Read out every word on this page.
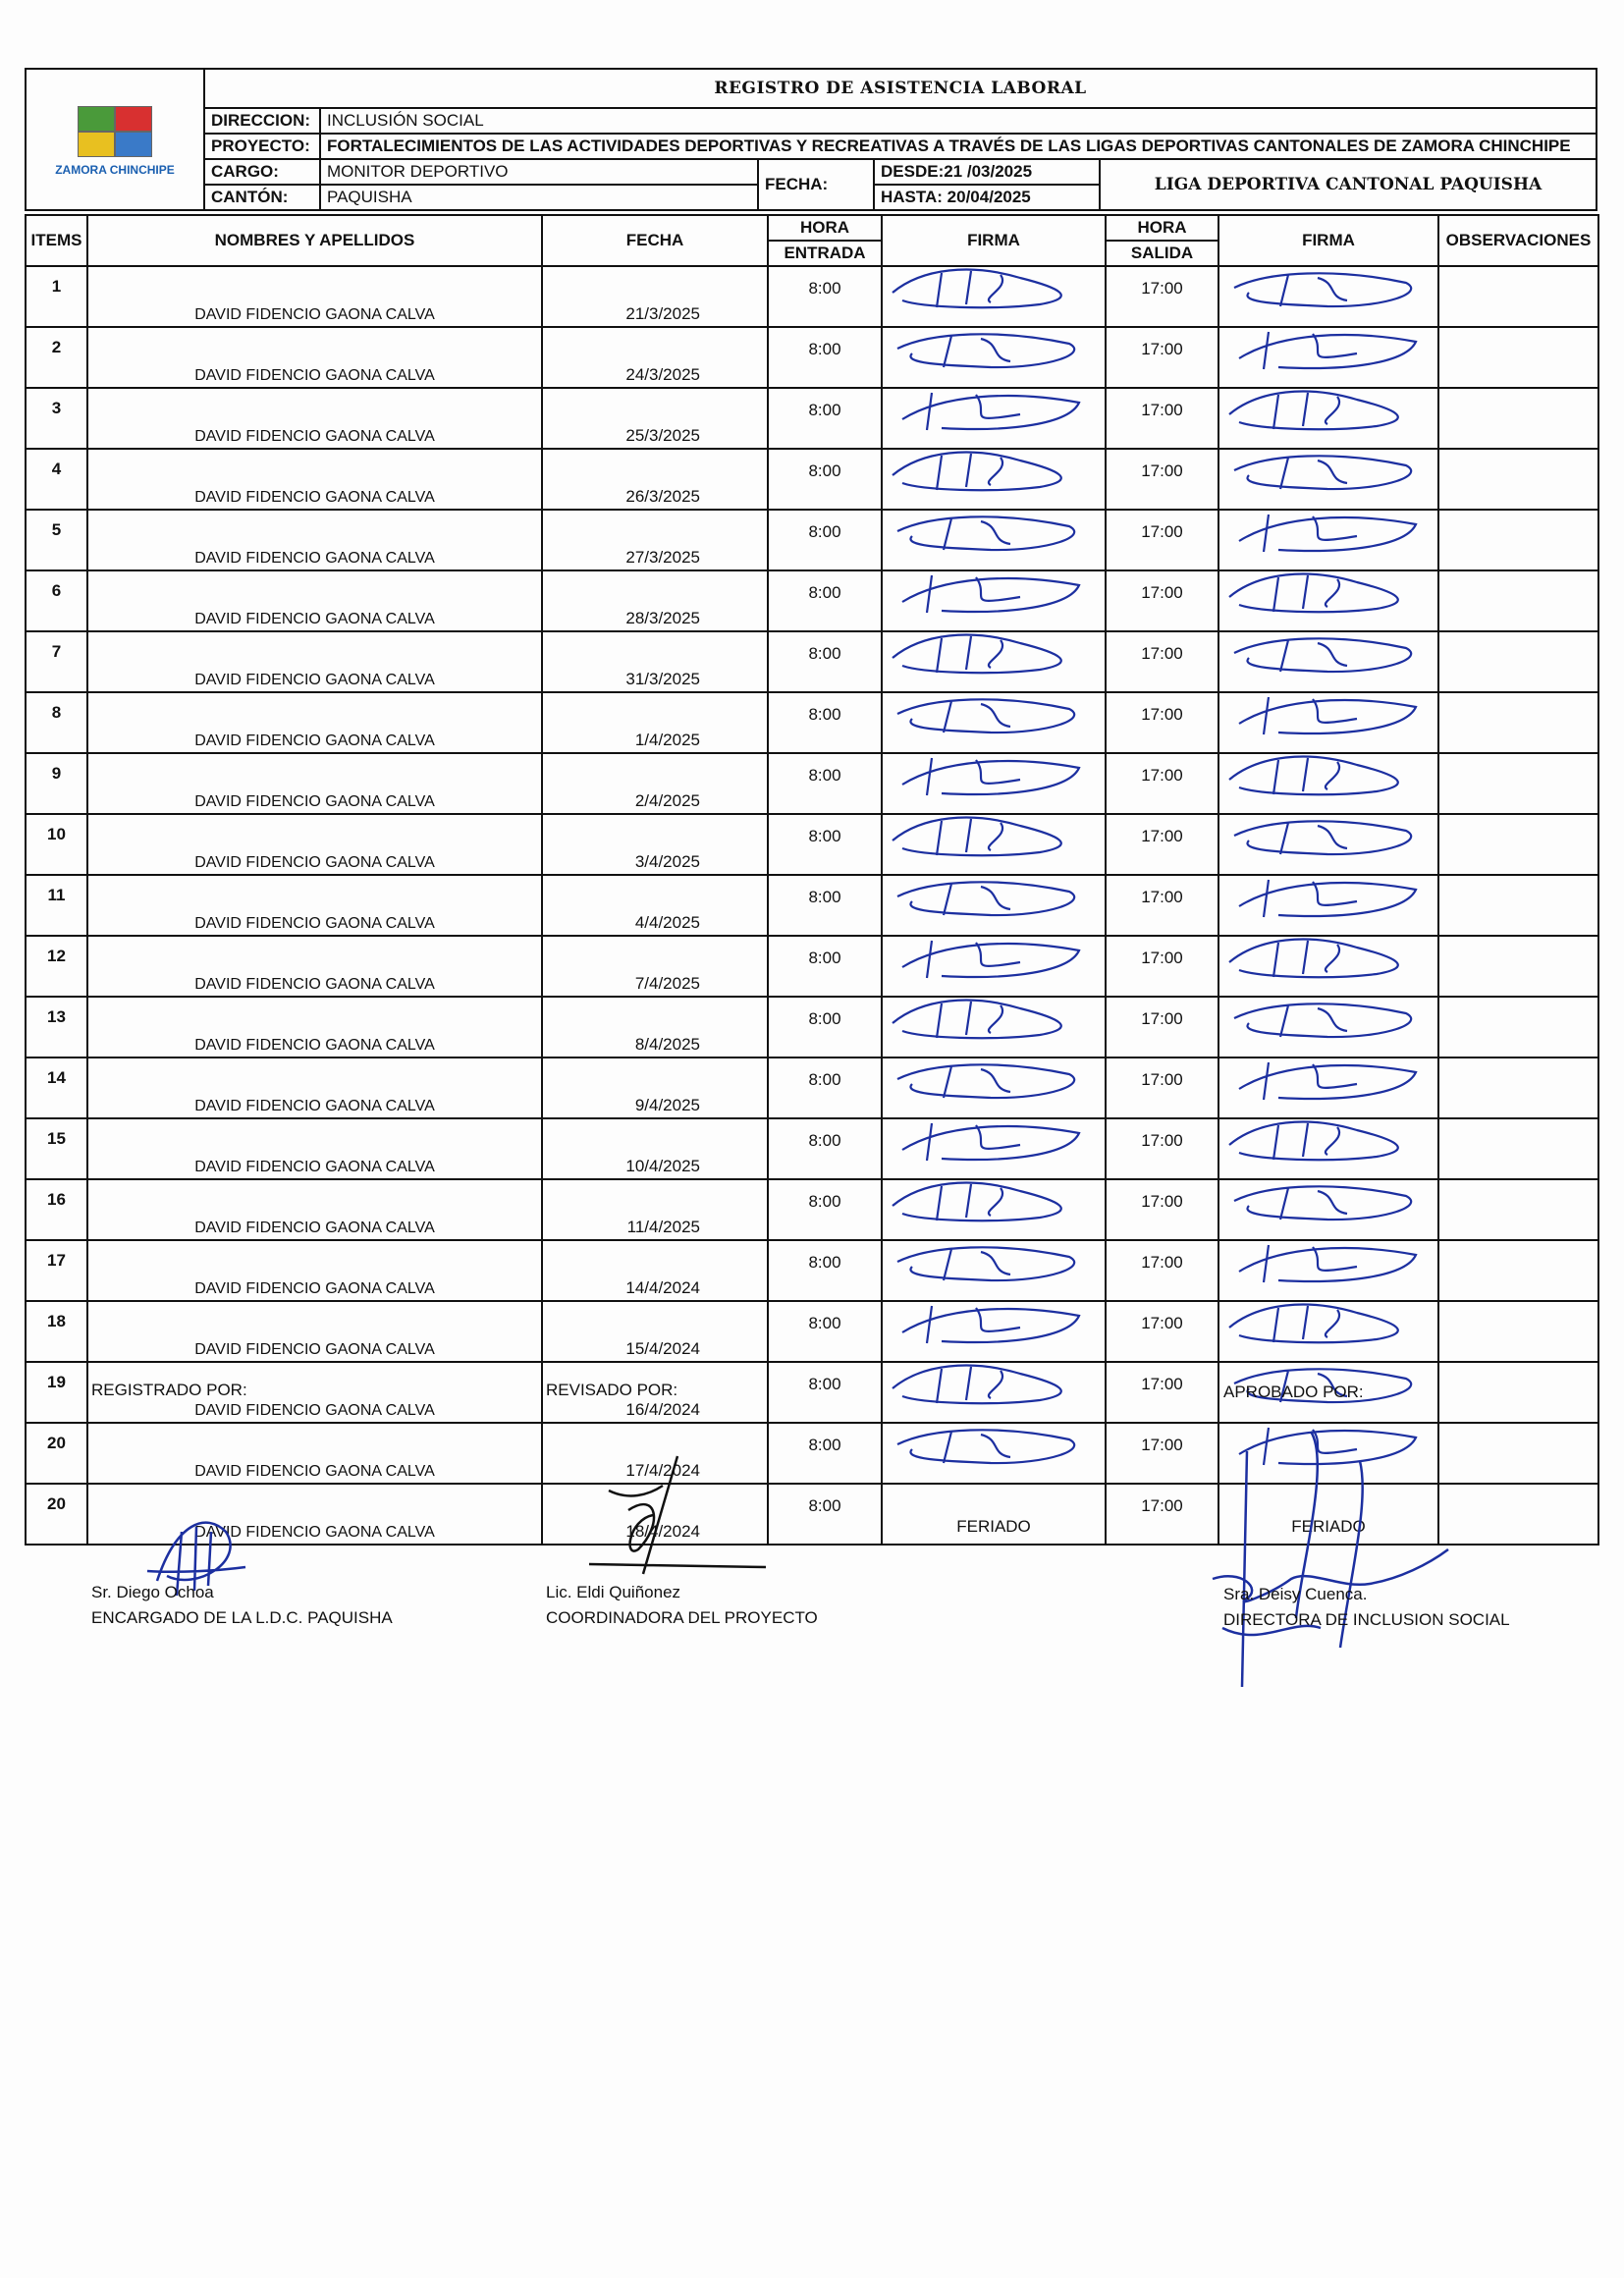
ZAMORA CHINCHIPE	REGISTRO DE ASISTENCIA LABORAL				
	DIRECCION:	INCLUSIÓN SOCIAL			
	PROYECTO:	FORTALECIMIENTOS DE LAS ACTIVIDADES DEPORTIVAS Y RECREATIVAS A TRAVÉS DE LAS LIGAS DEPORTIVAS CANTONALES DE ZAMORA CHINCHIPE			
	CARGO:	MONITOR DEPORTIVO	FECHA:	DESDE:21 /03/2025	LIGA DEPORTIVA CANTONAL PAQUISHA
	CANTÓN:	PAQUISHA		HASTA: 20/04/2025	
ITEMS	NOMBRES Y APELLIDOS	FECHA	HORA	FIRMA	HORA	FIRMA	OBSERVACIONES
			ENTRADA		SALIDA		
1	DAVID FIDENCIO GAONA CALVA	21/3/2025	8:00		17:00	

2	DAVID FIDENCIO GAONA CALVA	24/3/2025	8:00		17:00	

3	DAVID FIDENCIO GAONA CALVA	25/3/2025	8:00		17:00	

4	DAVID FIDENCIO GAONA CALVA	26/3/2025	8:00		17:00	

5	DAVID FIDENCIO GAONA CALVA	27/3/2025	8:00		17:00	

6	DAVID FIDENCIO GAONA CALVA	28/3/2025	8:00		17:00	

7	DAVID FIDENCIO GAONA CALVA	31/3/2025	8:00		17:00	

8	DAVID FIDENCIO GAONA CALVA	1/4/2025	8:00		17:00	

9	DAVID FIDENCIO GAONA CALVA	2/4/2025	8:00		17:00	

10	DAVID FIDENCIO GAONA CALVA	3/4/2025	8:00		17:00	

11	DAVID FIDENCIO GAONA CALVA	4/4/2025	8:00		17:00	

12	DAVID FIDENCIO GAONA CALVA	7/4/2025	8:00		17:00	

13	DAVID FIDENCIO GAONA CALVA	8/4/2025	8:00		17:00	

14	DAVID FIDENCIO GAONA CALVA	9/4/2025	8:00		17:00	

15	DAVID FIDENCIO GAONA CALVA	10/4/2025	8:00		17:00	

16	DAVID FIDENCIO GAONA CALVA	11/4/2025	8:00		17:00	

17	DAVID FIDENCIO GAONA CALVA	14/4/2024	8:00		17:00	

18	DAVID FIDENCIO GAONA CALVA	15/4/2024	8:00		17:00	

19	DAVID FIDENCIO GAONA CALVA	16/4/2024	8:00		17:00	

20	DAVID FIDENCIO GAONA CALVA	17/4/2024	8:00		17:00	

20	DAVID FIDENCIO GAONA CALVA	18/4/2024	8:00	FERIADO	17:00	FERIADO	

REGISTRADO POR:	REVISADO POR:	APROBADO POR:
Sr. Diego Ochoa
ENCARGADO DE LA L.D.C. PAQUISHA
Lic. Eldi Quiñonez
COORDINADORA DEL PROYECTO
Sra. Deisy Cuenca.
DIRECTORA DE INCLUSION SOCIAL
